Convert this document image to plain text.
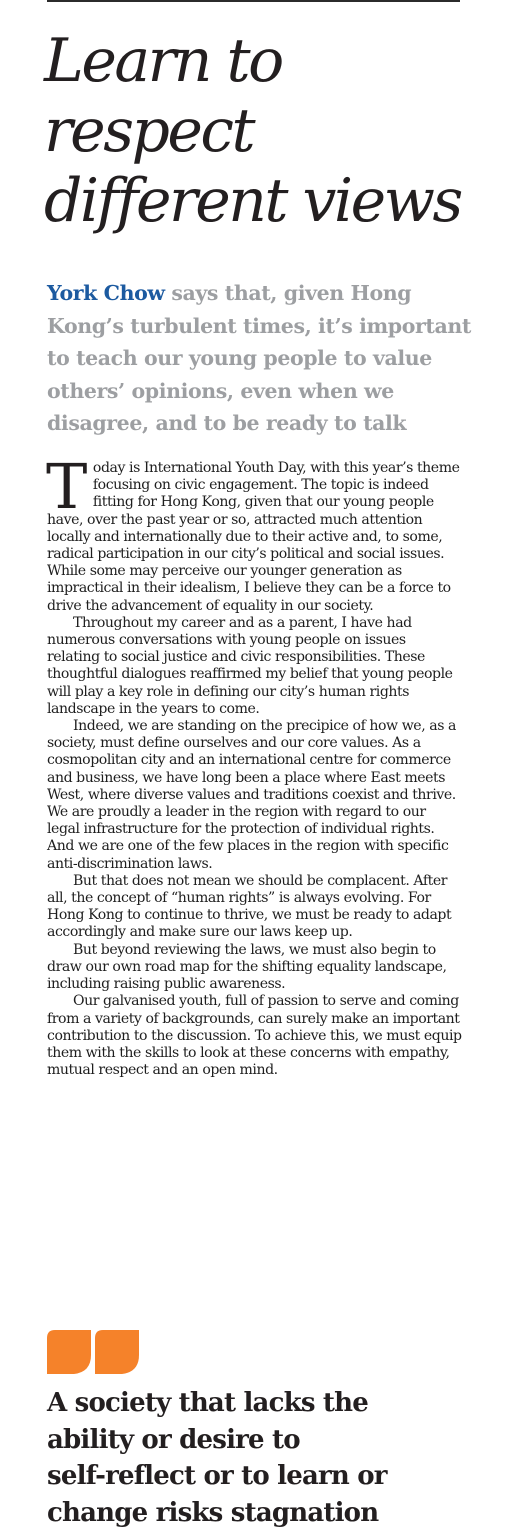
Learn to
respect
different views

York Chow says that, given Hong Kong’s turbulent times, it’s important to teach our young people to value others’ opinions, even when we disagree, and to be ready to talk

Today is International Youth Day, with this year’s theme focusing on civic engagement. The topic is indeed fitting for Hong Kong, given that our young people have, over the past year or so, attracted much attention locally and internationally due to their active and, to some, radical participation in our city’s political and social issues. While some may perceive our younger generation as impractical in their idealism, I believe they can be a force to drive the advancement of equality in our society.

Throughout my career and as a parent, I have had numerous conversations with young people on issues relating to social justice and civic responsibilities. These thoughtful dialogues reaffirmed my belief that young people will play a key role in defining our city’s human rights landscape in the years to come.

Indeed, we are standing on the precipice of how we, as a society, must define ourselves and our core values. As a cosmopolitan city and an international centre for commerce and business, we have long been a place where East meets West, where diverse values and traditions coexist and thrive. We are proudly a leader in the region with regard to our legal infrastructure for the protection of individual rights. And we are one of the few places in the region with specific anti-discrimination laws.

But that does not mean we should be complacent. After all, the concept of “human rights” is always evolving. For Hong Kong to continue to thrive, we must be ready to adapt accordingly and make sure our laws keep up.

But beyond reviewing the laws, we must also begin to draw our own road map for the shifting equality landscape, including raising public awareness.

Our galvanised youth, full of passion to serve and coming from a variety of backgrounds, can surely make an important contribution to the discussion. To achieve this, we must equip them with the skills to look at these concerns with empathy, mutual respect and an open mind.

A society that lacks the
ability or desire to
self-reflect or to learn or
change risks stagnation
